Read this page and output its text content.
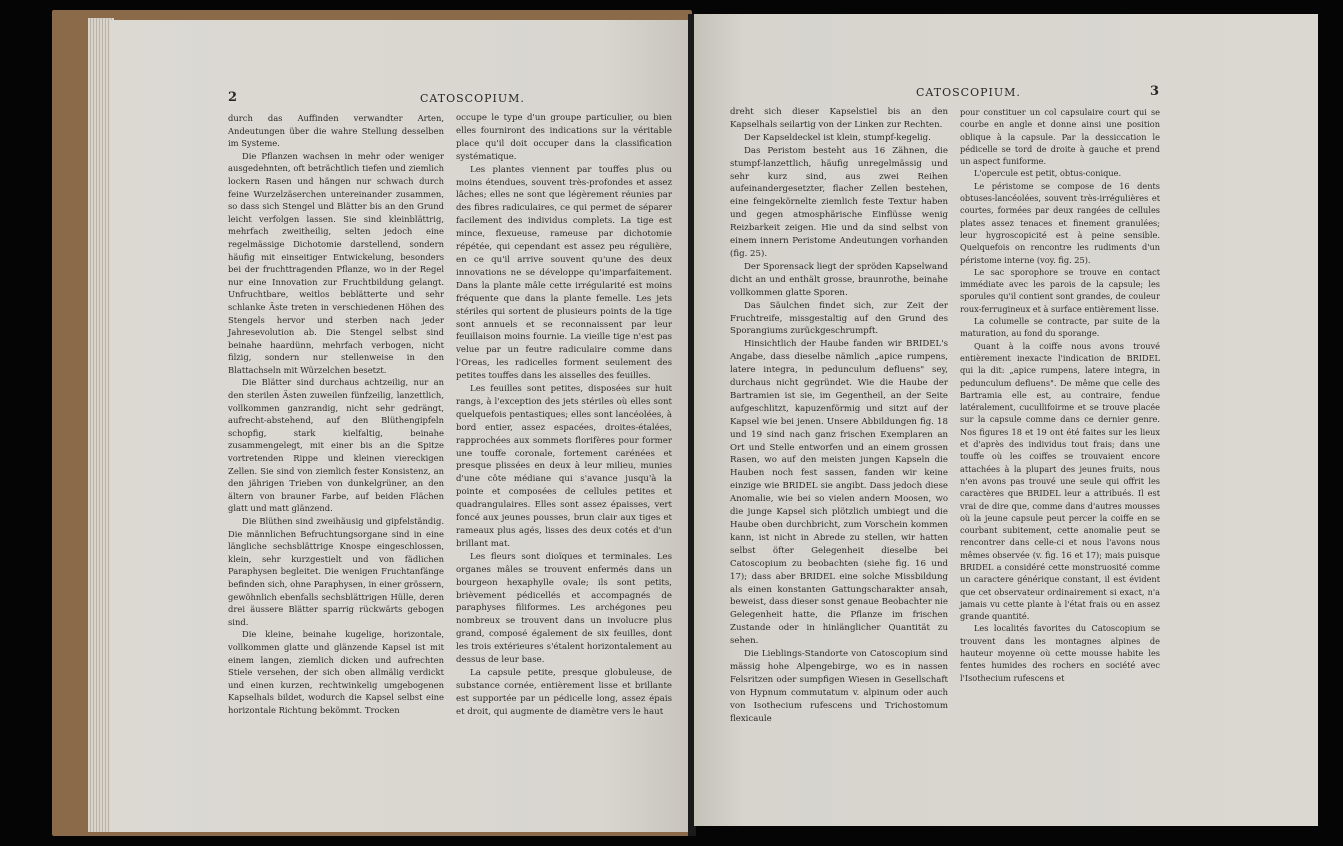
2	CATOSCOPIUM.

durch das Auffinden verwandter Arten, Andeutungen über die wahre Stellung desselben im Systeme.

Die Pflanzen wachsen in mehr oder weniger ausgedehnten, oft beträchtlich tiefen und ziemlich lockern Rasen und hängen nur schwach durch feine Wurzelzäserchen untereinander zusammen, so dass sich Stengel und Blätter bis an den Grund leicht verfolgen lassen. Sie sind kleinblättrig, mehrfach zweitheilig, selten jedoch eine regelmässige Dichotomie darstellend, sondern häufig mit einseitiger Entwickelung, besonders bei der fruchttragenden Pflanze, wo in der Regel nur eine Innovation zur Fruchtbildung gelangt. Unfruchtbare, weitlos beblätterte und sehr schlanke Äste treten in verschiedenen Höhen des Stengels hervor und sterben nach jeder Jahresevolution ab. Die Stengel selbst sind beinahe haardünn, mehrfach verbogen, nicht filzig, sondern nur stellenweise in den Blattachseln mit Würzelchen besetzt.

Die Blätter sind durchaus achtzeilig, nur an den sterilen Ästen zuweilen fünfzeilig, lanzettlich, vollkommen ganzrandig, nicht sehr gedrängt, aufrecht-abstehend, auf den Blüthengipfeln schopfig, stark kielfaltig, beinahe zusammengelegt, mit einer bis an die Spitze vortretenden Rippe und kleinen viereckigen Zellen. Sie sind von ziemlich fester Konsistenz, an den jährigen Trieben von dunkelgrüner, an den ältern von brauner Farbe, auf beiden Flächen glatt und matt glänzend.

Die Blüthen sind zweihäusig und gipfelständig. Die männlichen Befruchtungsorgane sind in eine längliche sechsblättrige Knospe eingeschlossen, klein, sehr kurzgestielt und von fädlichen Paraphysen begleitet. Die wenigen Fruchtanfänge befinden sich, ohne Paraphysen, in einer grössern, gewöhnlich ebenfalls sechsblättrigen Hülle, deren drei äussere Blätter sparrig rückwärts gebogen sind.

Die kleine, beinahe kugelige, horizontale, vollkommen glatte und glänzende Kapsel ist mit einem langen, ziemlich dicken und aufrechten Stiele versehen, der sich oben allmälig verdickt und einen kurzen, rechtwinkelig umgebogenen Kapselhals bildet, wodurch die Kapsel selbst eine horizontale Richtung bekömmt. Trocken

occupe le type d'un groupe particulier, ou bien elles fourniront des indications sur la véritable place qu'il doit occuper dans la classification systématique.

Les plantes viennent par touffes plus ou moins étendues, souvent très-profondes et assez lâches; elles ne sont que légèrement réunies par des fibres radiculaires, ce qui permet de séparer facilement des individus complets. La tige est mince, flexueuse, rameuse par dichotomie répétée, qui cependant est assez peu régulière, en ce qu'il arrive souvent qu'une des deux innovations ne se développe qu'imparfaitement. Dans la plante mâle cette irrégularité est moins fréquente que dans la plante femelle. Les jets stériles qui sortent de plusieurs points de la tige sont annuels et se reconnaissent par leur feuillaison moins fournie. La vieille tige n'est pas velue par un feutre radiculaire comme dans l'Oreas, les radicelles forment seulement des petites touffes dans les aisselles des feuilles.

Les feuilles sont petites, disposées sur huit rangs, à l'exception des jets stériles où elles sont quelquefois pentastiques; elles sont lancéolées, à bord entier, assez espacées, droites-étalées, rapprochées aux sommets florifères pour former une touffe coronale, fortement carénées et presque plissées en deux à leur milieu, munies d'une côte médiane qui s'avance jusqu'à la pointe et composées de cellules petites et quadrangulaires. Elles sont assez épaisses, vert foncé aux jeunes pousses, brun clair aux tiges et rameaux plus agés, lisses des deux cotés et d'un brillant mat.

Les fleurs sont dioïques et terminales. Les organes mâles se trouvent enfermés dans un bourgeon hexaphylle ovale; ils sont petits, brièvement pédicellés et accompagnés de paraphyses filiformes. Les archégones peu nombreux se trouvent dans un involucre plus grand, composé également de six feuilles, dont les trois extérieures s'étalent horizontalement au dessus de leur base.

La capsule petite, presque globuleuse, de substance cornée, entièrement lisse et brillante est supportée par un pédicelle long, assez épais et droit, qui augmente de diamètre vers le haut

CATOSCOPIUM.	3

dreht sich dieser Kapselstiel bis an den Kapselhals seilartig von der Linken zur Rechten.

Der Kapseldeckel ist klein, stumpf-kegelig.

Das Peristom besteht aus 16 Zähnen, die stumpf-lanzettlich, häufig unregelmässig und sehr kurz sind, aus zwei Reihen aufeinandergesetzter, flacher Zellen bestehen, eine feingekörnelte ziemlich feste Textur haben und gegen atmosphärische Einflüsse wenig Reizbarkeit zeigen. Hie und da sind selbst von einem innern Peristome Andeutungen vorhanden (fig. 25).

Der Sporensack liegt der spröden Kapselwand dicht an und enthält grosse, braunrothe, beinahe vollkommen glatte Sporen.

Das Säulchen findet sich, zur Zeit der Fruchtreife, missgestaltig auf den Grund des Sporangiums zurückgeschrumpft.

Hinsichtlich der Haube fanden wir BRIDEL's Angabe, dass dieselbe nämlich „apice rumpens, latere integra, in pedunculum defluens" sey, durchaus nicht gegründet. Wie die Haube der Bartramien ist sie, im Gegentheil, an der Seite aufgeschlitzt, kapuzenförmig und sitzt auf der Kapsel wie bei jenen. Unsere Abbildungen fig. 18 und 19 sind nach ganz frischen Exemplaren an Ort und Stelle entworfen und an einem grossen Rasen, wo auf den meisten jungen Kapseln die Hauben noch fest sassen, fanden wir keine einzige wie BRIDEL sie angibt. Dass jedoch diese Anomalie, wie bei so vielen andern Moosen, wo die junge Kapsel sich plötzlich umbiegt und die Haube oben durchbricht, zum Vorschein kommen kann, ist nicht in Abrede zu stellen, wir hatten selbst öfter Gelegenheit dieselbe bei Catoscopium zu beobachten (siehe fig. 16 und 17); dass aber BRIDEL eine solche Missbildung als einen konstanten Gattungscharakter ansah, beweist, dass dieser sonst genaue Beobachter nie Gelegenheit hatte, die Pflanze im frischen Zustande oder in hinlänglicher Quantität zu sehen.

Die Lieblings-Standorte von Catoscopium sind mässig hohe Alpengebirge, wo es in nassen Felsritzen oder sumpfigen Wiesen in Gesellschaft von Hypnum commutatum v. alpinum oder auch von Isothecium rufescens und Trichostomum flexicaule

pour constituer un col capsulaire court qui se courbe en angle et donne ainsi une position oblique à la capsule. Par la dessiccation le pédicelle se tord de droite à gauche et prend un aspect funiforme.

L'opercule est petit, obtus-conique.

Le péristome se compose de 16 dents obtuses-lancéolées, souvent très-irrégulières et courtes, formées par deux rangées de cellules plates assez tenaces et finement granulées; leur hygroscopicité est à peine sensible. Quelquefois on rencontre les rudiments d'un péristome interne (voy. fig. 25).

Le sac sporophore se trouve en contact immédiate avec les parois de la capsule; les sporules qu'il contient sont grandes, de couleur roux-ferrugineux et à surface entièrement lisse.

La columelle se contracte, par suite de la maturation, au fond du sporange.

Quant à la coiffe nous avons trouvé entièrement inexacte l'indication de BRIDEL qui la dit: „apice rumpens, latere integra, in pedunculum defluens". De même que celle des Bartramia elle est, au contraire, fendue latéralement, cucullifoirme et se trouve placée sur la capsule comme dans ce dernier genre. Nos figures 18 et 19 ont été faites sur les lieux et d'après des individus tout frais; dans une touffe où les coiffes se trouvaient encore attachées à la plupart des jeunes fruits, nous n'en avons pas trouvé une seule qui offrit les caractères que BRIDEL leur a attribués. Il est vrai de dire que, comme dans d'autres mousses où la jeune capsule peut percer la coiffe en se courbant subitement, cette anomalie peut se rencontrer dans celle-ci et nous l'avons nous mêmes observée (v. fig. 16 et 17); mais puisque BRIDEL a considéré cette monstruosité comme un caractere générique constant, il est évident que cet observateur ordinairement si exact, n'a jamais vu cette plante à l'état frais ou en assez grande quantité.

Les localités favorites du Catoscopium se trouvent dans les montagnes alpines de hauteur moyenne où cette mousse habite les fentes humides des rochers en société avec l'Isothecium rufescens et
